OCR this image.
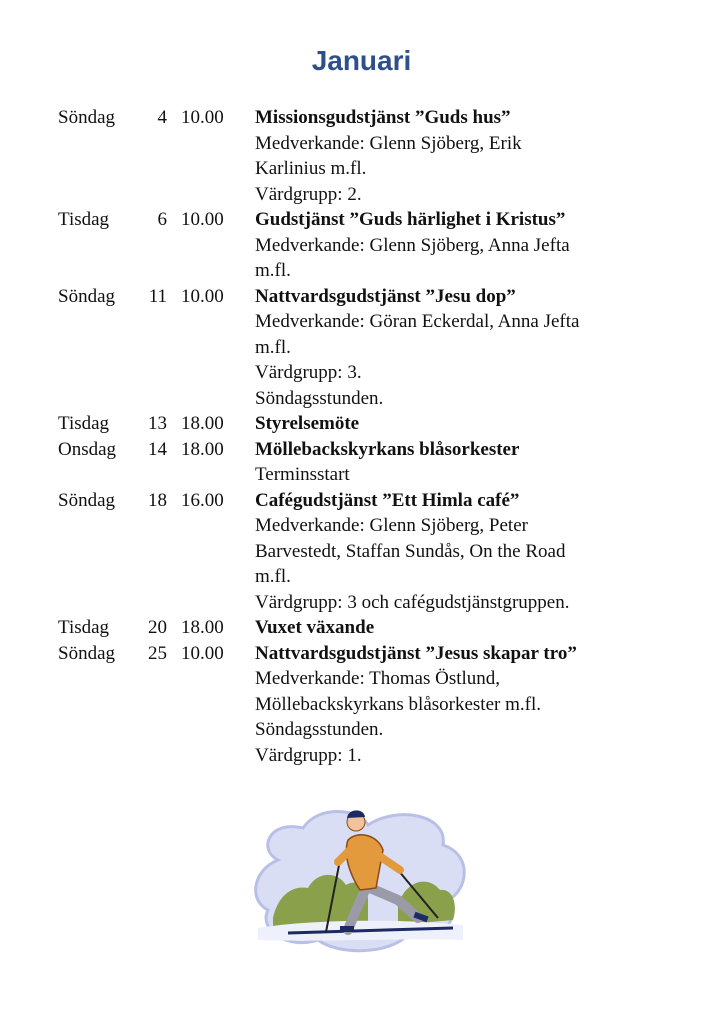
Januari
Söndag	4 10.00	Missionsgudstjänst ”Guds hus”
Medverkande: Glenn Sjöberg, Erik
Karlinius m.fl.
Värdgrupp: 2.
Tisdag	6 10.00	Gudstjänst ”Guds härlighet i Kristus”
Medverkande: Glenn Sjöberg, Anna Jefta
m.fl.
Söndag	11 10.00	Nattvardsgudstjänst ”Jesu dop”
Medverkande: Göran Eckerdal, Anna Jefta
m.fl.
Värdgrupp: 3.
Söndagsstunden.
Tisdag	13 18.00	Styrelsemöte
Onsdag	14 18.00	Möllebackskyrkans blåsorkester
Terminsstart
Söndag	18 16.00	Cafégudstjänst ”Ett Himla café”
Medverkande: Glenn Sjöberg, Peter
Barvestedt, Staffan Sundås, On the Road
m.fl.
Värdgrupp: 3 och cafégudstjänstgruppen.
Tisdag	20 18.00	Vuxet växande
Söndag	25 10.00	Nattvardsgudstjänst ”Jesus skapar tro”
Medverkande: Thomas Östlund,
Möllebackskyrkans blåsorkester m.fl.
Söndagsstunden.
Värdgrupp: 1.
